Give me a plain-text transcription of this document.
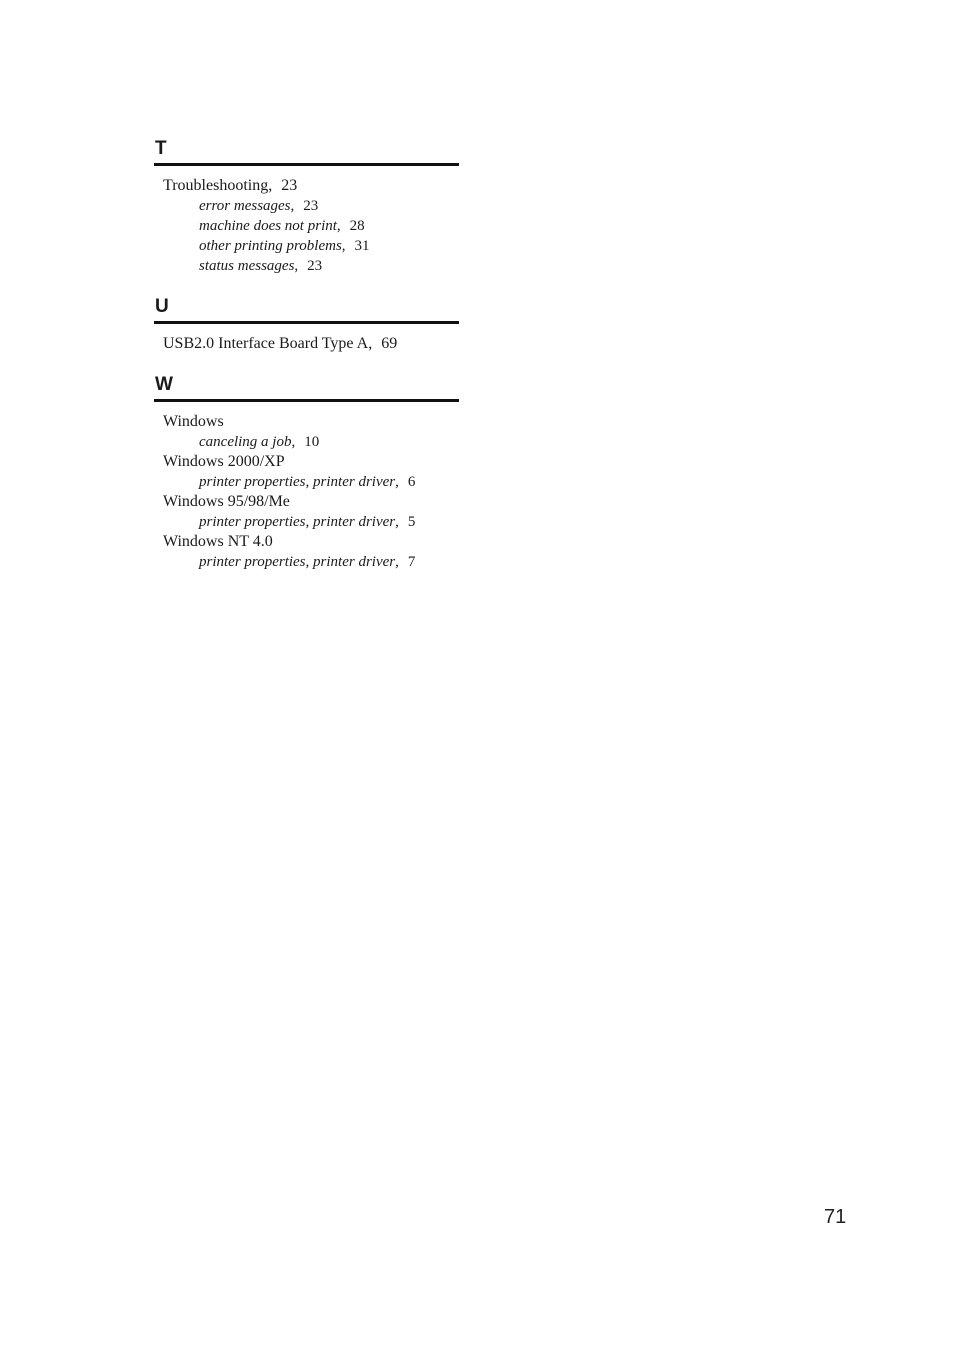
T
Troubleshooting, 23
error messages, 23
machine does not print, 28
other printing problems, 31
status messages, 23
U
USB2.0 Interface Board Type A, 69
W
Windows
canceling a job, 10
Windows 2000/XP
printer properties, printer driver, 6
Windows 95/98/Me
printer properties, printer driver, 5
Windows NT 4.0
printer properties, printer driver, 7
71
